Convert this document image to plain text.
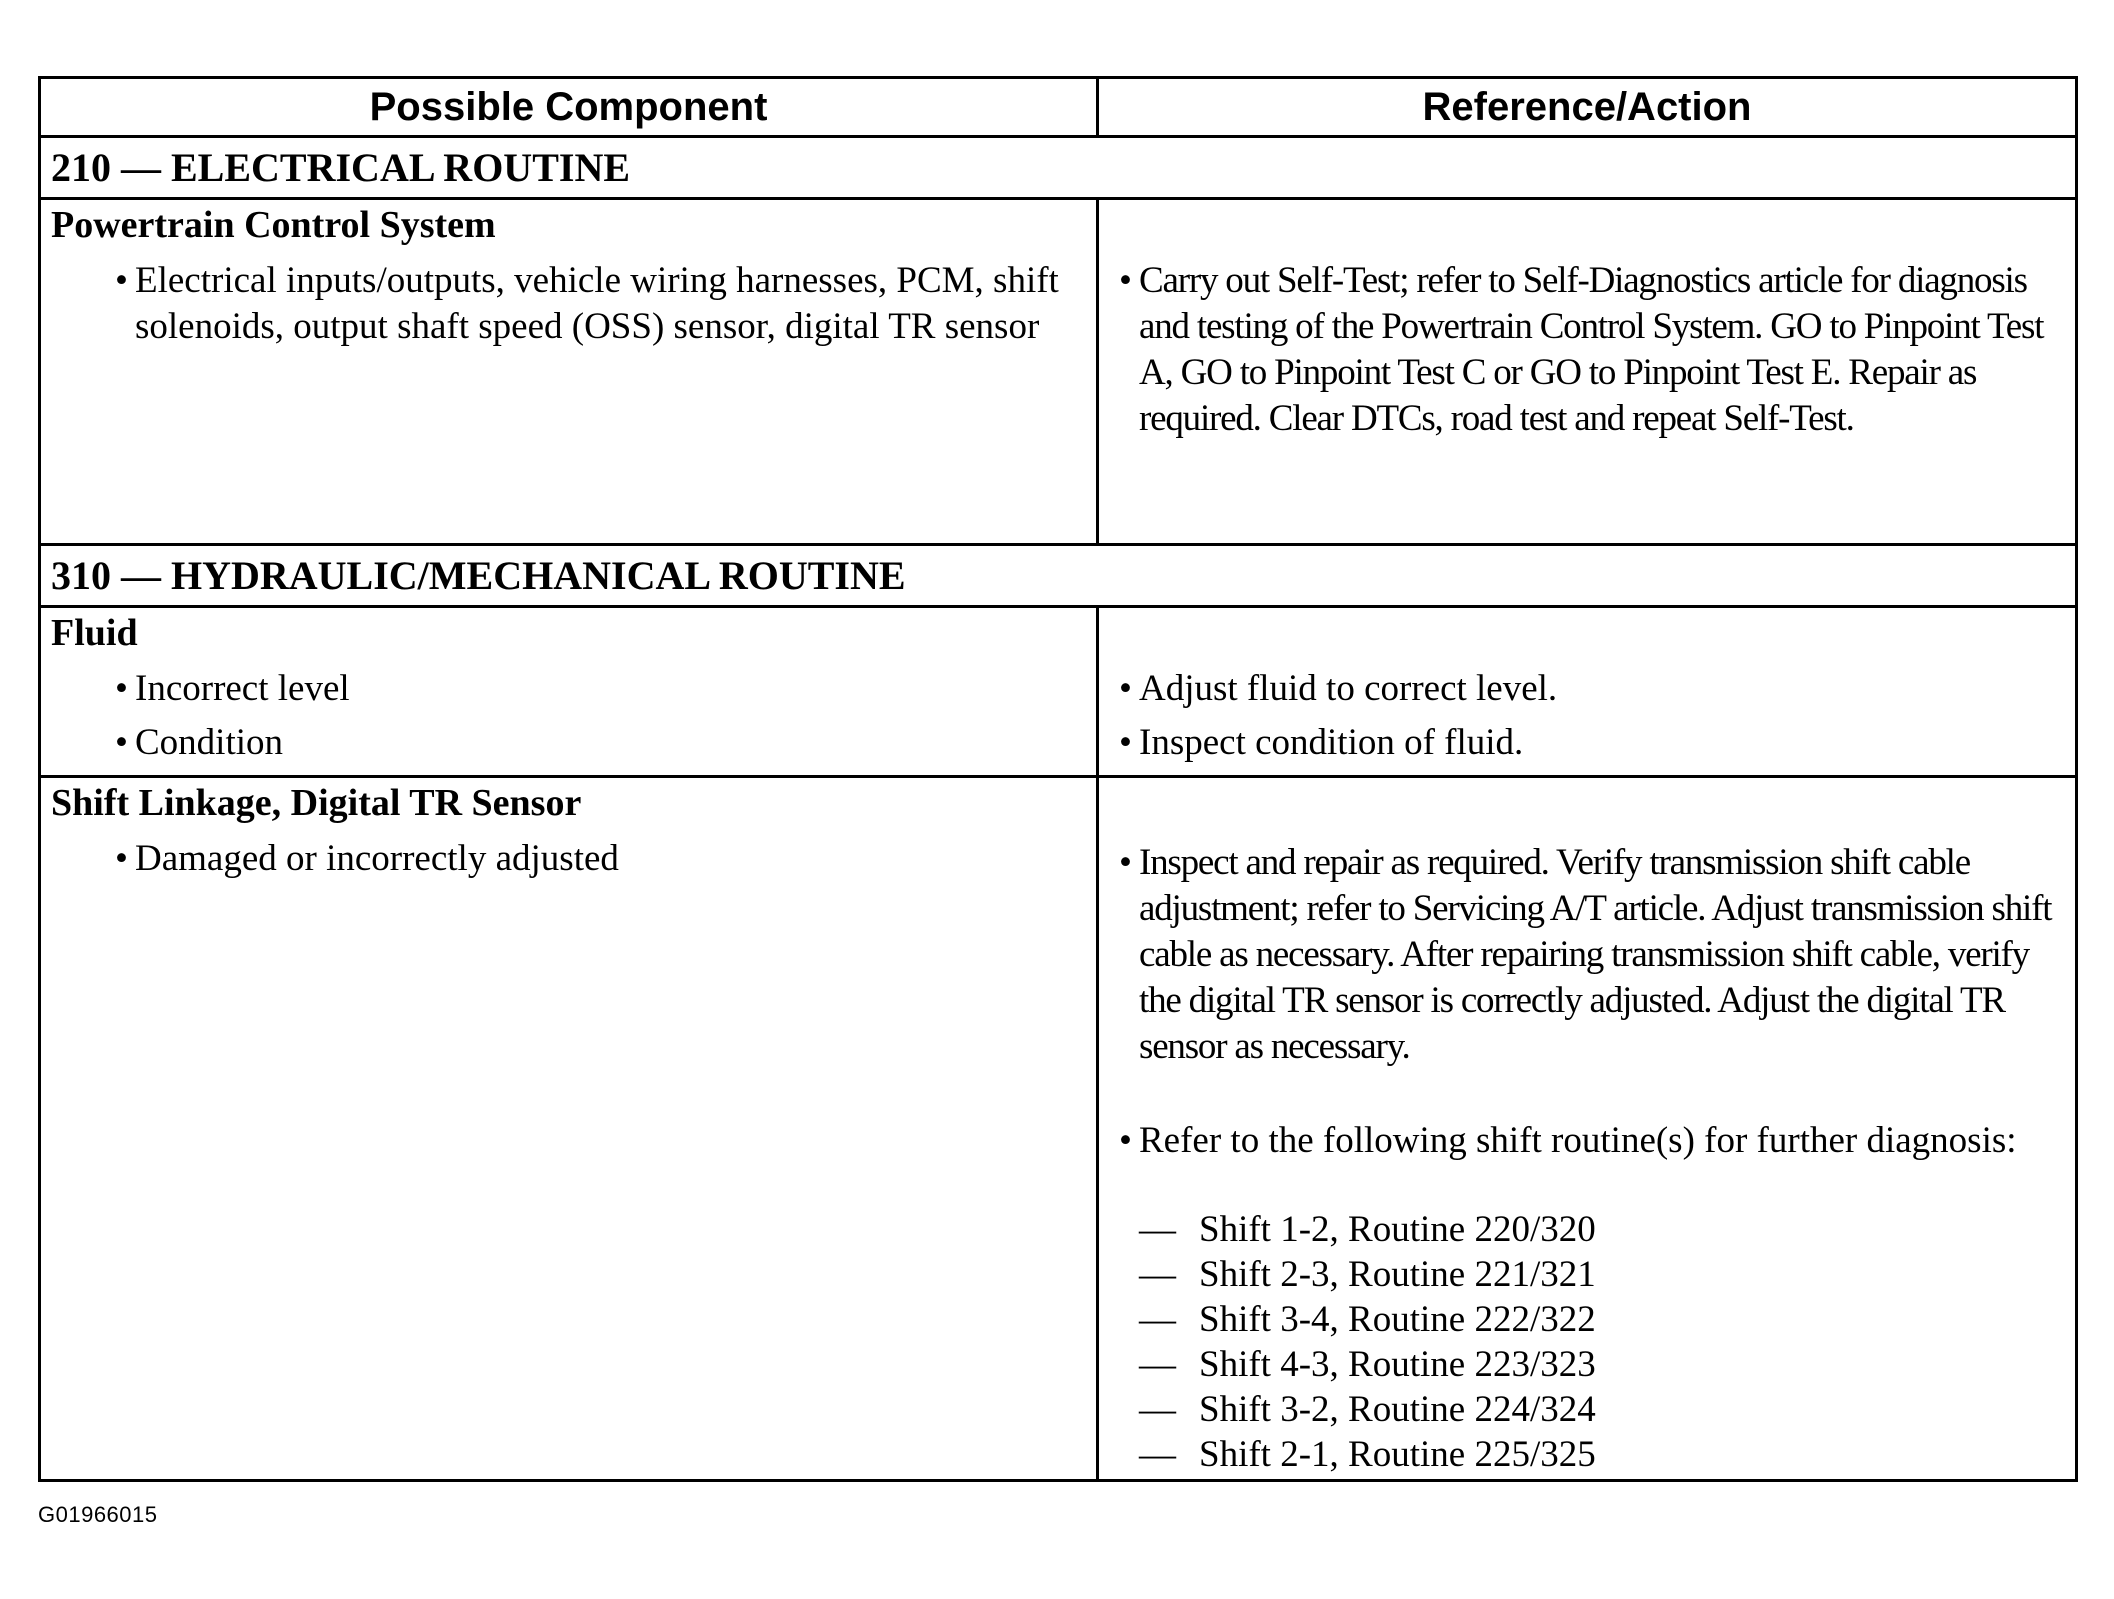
Possible Component	Reference/Action
210 — ELECTRICAL ROUTINE
Powertrain Control System
• Electrical inputs/outputs, vehicle wiring harnesses, PCM, shift solenoids, output shaft speed (OSS) sensor, digital TR sensor
• Carry out Self-Test; refer to Self-Diagnostics article for diagnosis and testing of the Powertrain Control System. GO to Pinpoint Test A, GO to Pinpoint Test C or GO to Pinpoint Test E. Repair as required. Clear DTCs, road test and repeat Self-Test.
310 — HYDRAULIC/MECHANICAL ROUTINE
Fluid
• Incorrect level
• Condition
• Adjust fluid to correct level.
• Inspect condition of fluid.
Shift Linkage, Digital TR Sensor
• Damaged or incorrectly adjusted	• Inspect and repair as required. Verify transmission shift cable adjustment; refer to Servicing A/T article. Adjust transmission shift cable as necessary. After repairing transmission shift cable, verify the digital TR sensor is correctly adjusted. Adjust the digital TR sensor as necessary.
• Refer to the following shift routine(s) for further diagnosis:
— Shift 1-2, Routine 220/320
— Shift 2-3, Routine 221/321
— Shift 3-4, Routine 222/322
— Shift 4-3, Routine 223/323
— Shift 3-2, Routine 224/324
— Shift 2-1, Routine 225/325
G01966015
